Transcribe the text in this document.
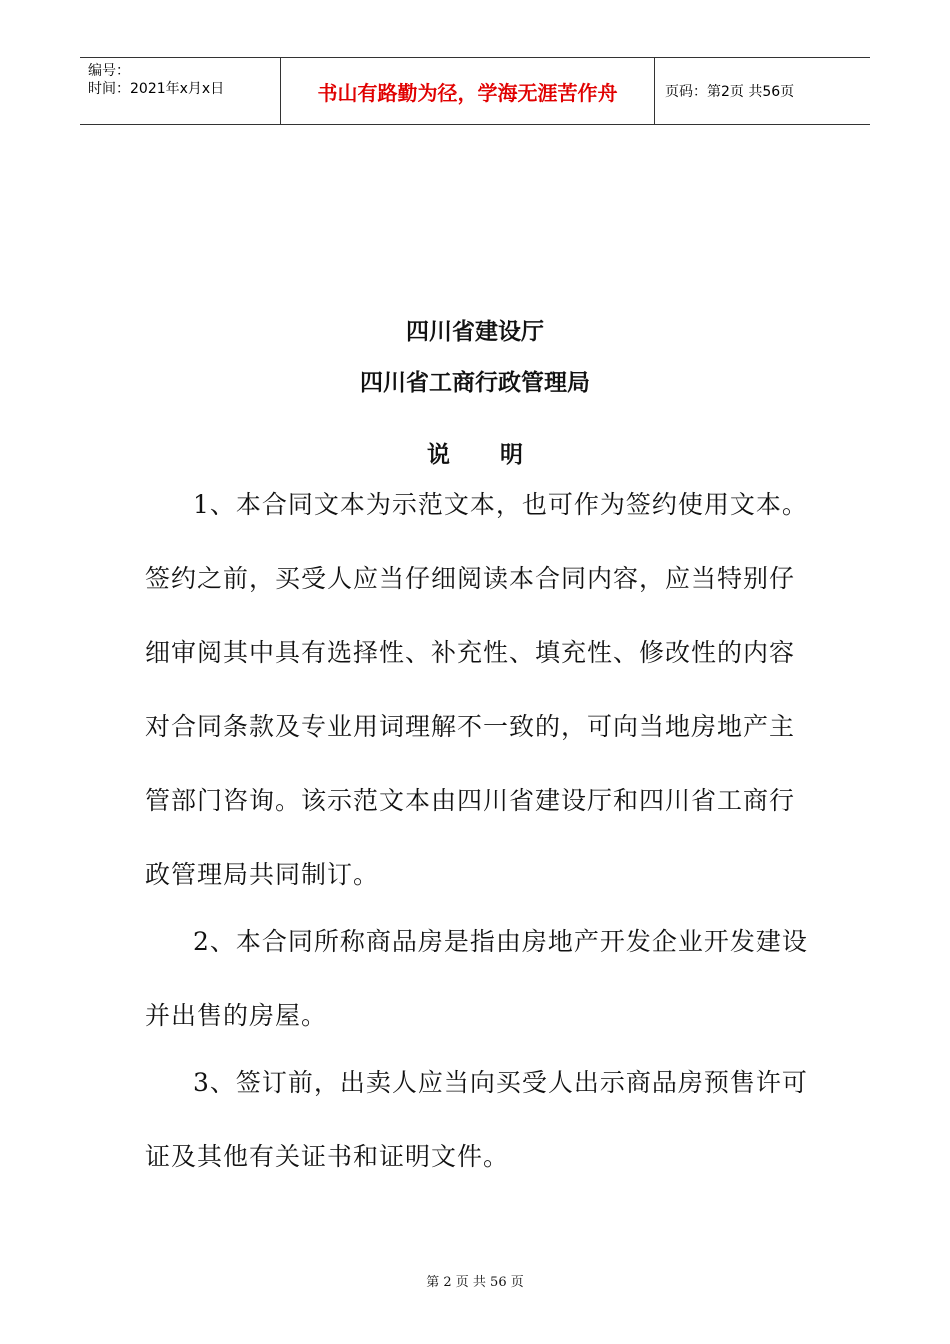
编号：
时间：2021年x月x日	书山有路勤为径，学海无涯苦作舟	页码：第2页 共56页
四川省建设厅
四川省工商行政管理局
说 明
1、本合同文本为示范文本，也可作为签约使用文本。
签约之前，买受人应当仔细阅读本合同内容，应当特别仔
细审阅其中具有选择性、补充性、填充性、修改性的内容
对合同条款及专业用词理解不一致的，可向当地房地产主
管部门咨询。该示范文本由四川省建设厅和四川省工商行
政管理局共同制订。
2、本合同所称商品房是指由房地产开发企业开发建设
并出售的房屋。
3、签订前，出卖人应当向买受人出示商品房预售许可
证及其他有关证书和证明文件。
第 2 页 共 56 页
